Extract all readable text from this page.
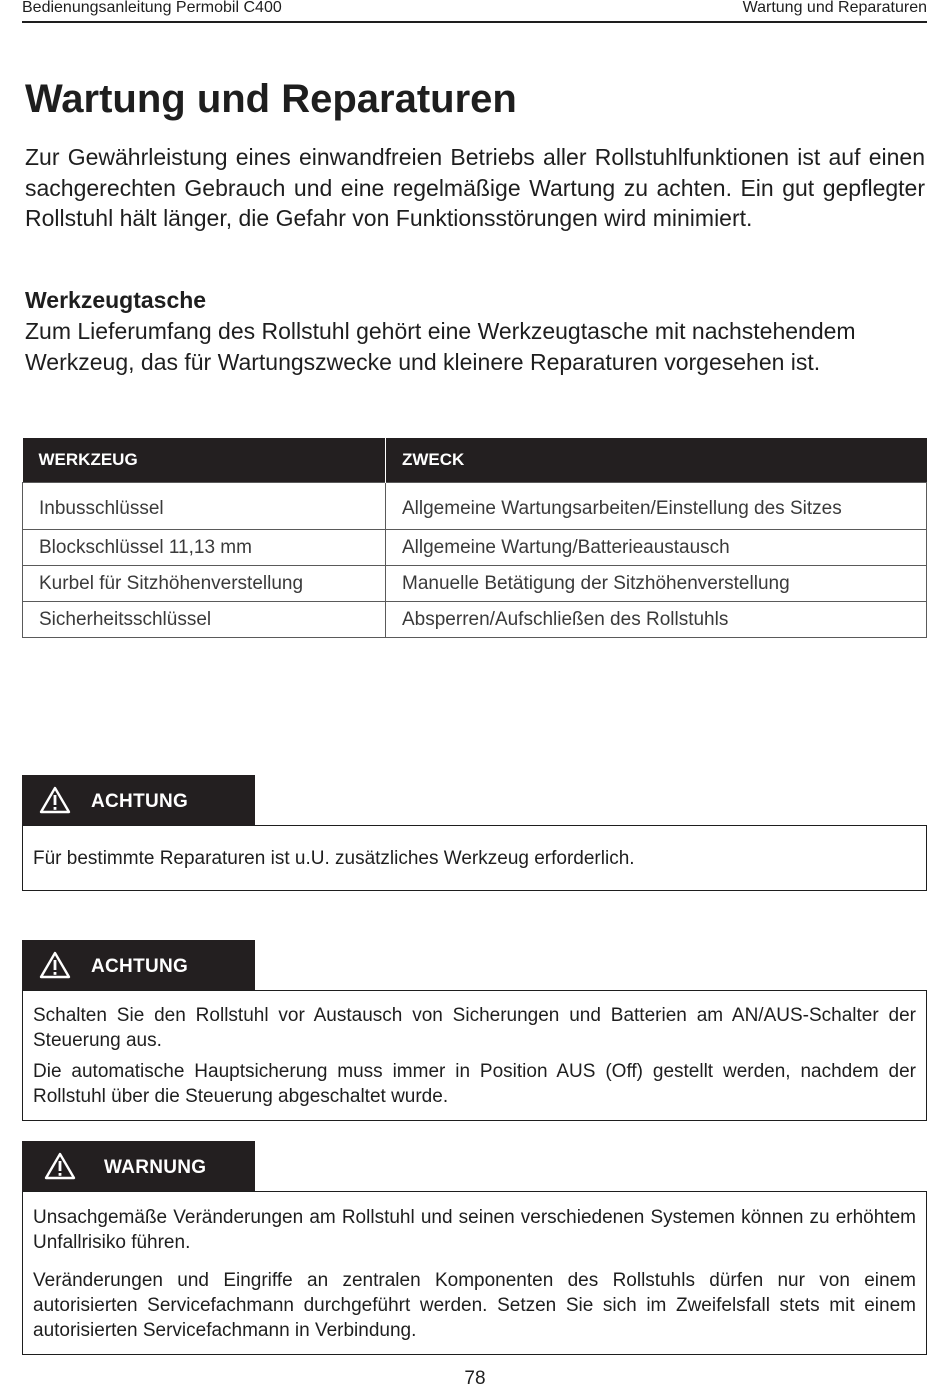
Bedienungsanleitung Permobil C400	Wartung und Reparaturen
Wartung und Reparaturen

Zur Gewährleistung eines einwandfreien Betriebs aller Rollstuhlfunktionen ist auf einen sachgerechten Gebrauch und eine regelmäßige Wartung zu achten. Ein gut gepflegter Rollstuhl hält länger, die Gefahr von Funktionsstörungen wird minimiert.

Werkzeugtasche

Zum Lieferumfang des Rollstuhl gehört eine Werkzeugtasche mit nachstehendem Werkzeug, das für Wartungszwecke und kleinere Reparaturen vorgesehen ist.

WERKZEUG	ZWECK
Inbusschlüssel	Allgemeine Wartungsarbeiten/Einstellung des Sitzes
Blockschlüssel 11,13 mm	Allgemeine Wartung/Batterieaustausch
Kurbel für Sitzhöhenverstellung	Manuelle Betätigung der Sitzhöhenverstellung
Sicherheitsschlüssel	Absperren/Aufschließen des Rollstuhls
ACHTUNG

Für bestimmte Reparaturen ist u.U. zusätzliches Werkzeug erforderlich.

ACHTUNG

Schalten Sie den Rollstuhl vor Austausch von Sicherungen und Batterien am AN/AUS-Schalter der Steuerung aus.

Die automatische Hauptsicherung muss immer in Position AUS (Off) gestellt werden, nachdem der Rollstuhl über die Steuerung abgeschaltet wurde.

WARNUNG

Unsachgemäße Veränderungen am Rollstuhl und seinen verschiedenen Systemen können zu erhöhtem Unfallrisiko führen.

Veränderungen und Eingriffe an zentralen Komponenten des Rollstuhls dürfen nur von einem autorisierten Servicefachmann durchgeführt werden. Setzen Sie sich im Zweifelsfall stets mit einem autorisierten Servicefachmann in Verbindung.

78
